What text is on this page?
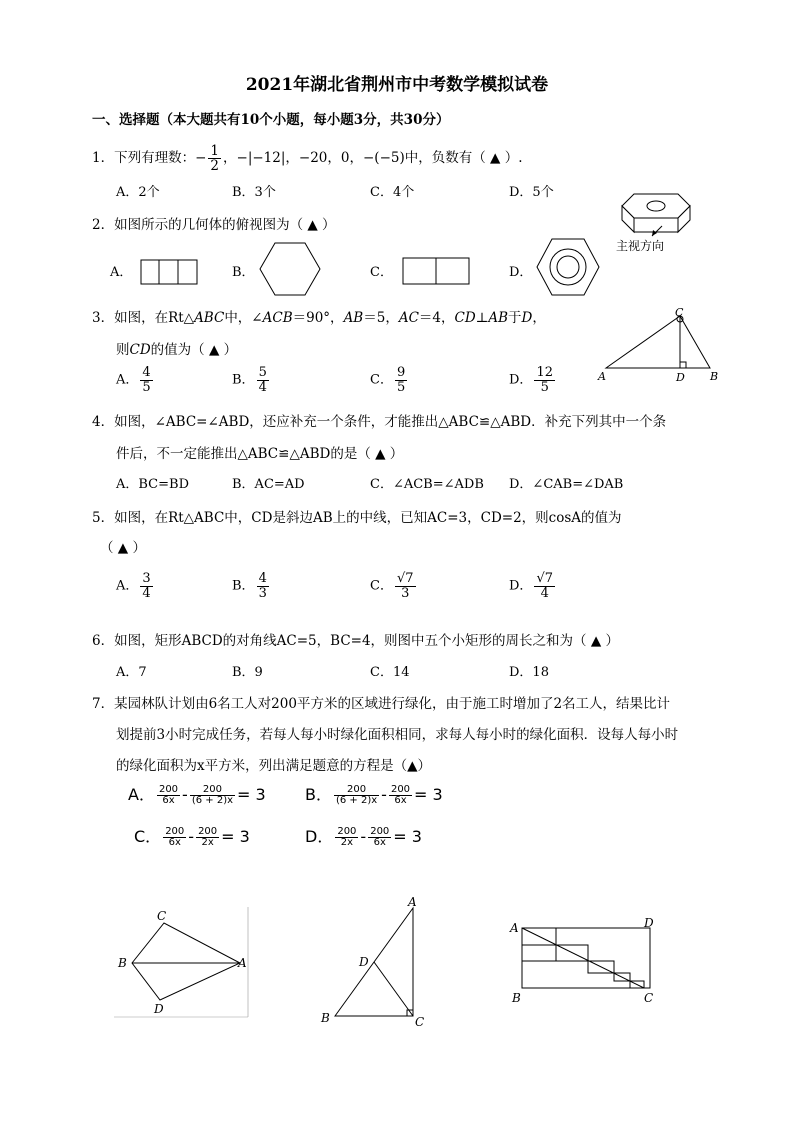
2021年湖北省荆州市中考数学模拟试卷
一、选择题（本大题共有10个小题，每小题3分，共30分）
1．下列有理数：− $\frac{1}{2}$ ，−|−12|，−20，0，−(−5)中，负数有（ ▲ ）.
A．2个	B．3个	C．4个	D．5个
2．如图所示的几何体的俯视图为（ ▲ ）
主视方向
A．	B．	C．	D．
3．如图，在Rt△ABC中，∠ACB＝90°，AB＝5，AC＝4，CD⊥AB于D，
则CD的值为（ ▲ ）
A． $\frac{4}{5}$	B． $\frac{5}{4}$	C． $\frac{9}{5}$	D． $\frac{12}{5}$	A
C
D B
4．如图，∠ABC=∠ABD，还应补充一个条件，才能推出△ABC≌△ABD．补充下列其中一个条
件后，不一定能推出△ABC≌△ABD的是（ ▲ ）
A．BC=BD	B．AC=AD	C．∠ACB=∠ADB D．∠CAB=∠DAB
5．如图，在Rt△ABC中，CD是斜边AB上的中线，已知AC=3，CD=2，则cosA的值为
（ ▲ ）
A． $\frac{3}{4}$	B． $\frac{4}{3}$	C． $\frac{√7}{3}$	D． $\frac{√7}{4}$
6．如图，矩形ABCD的对角线AC=5，BC=4，则图中五个小矩形的周长之和为（ ▲ ）
A．7	B．9	C．14	D．18
7．某园林队计划由6名工人对200平方米的区域进行绿化，由于施工时增加了2名工人，结果比计
划提前3小时完成任务，若每人每小时绿化面积相同，求每人每小时的绿化面积．设每人每小时
的绿化面积为x平方米，列出满足题意的方程是（▲）
A． $\frac{200}{6x} - \frac{200}{(6 + 2)x} = 3$ B． $\frac{200}{(6 + 2)x} - \frac{200}{6x} = 3$
C． $\frac{200}{6x} - \frac{200}{2x} = 3$	D． $\frac{200}{2x} - \frac{200}{6x} = 3$
C
B	A
D
A
D
B	C
A	D
B	C
